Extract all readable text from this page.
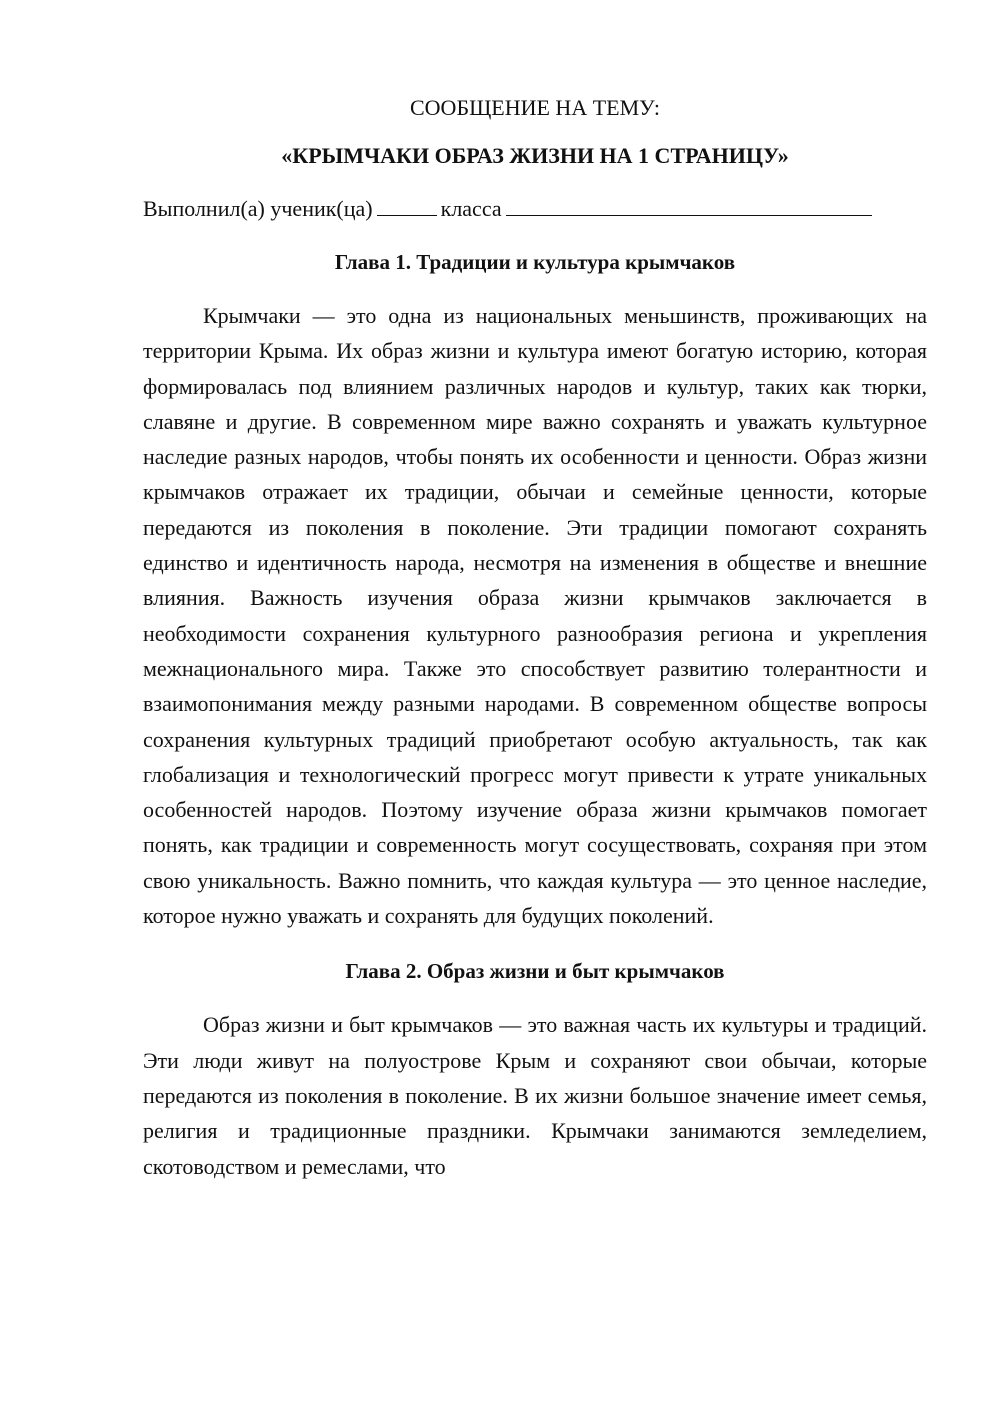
СООБЩЕНИЕ НА ТЕМУ:

«КРЫМЧАКИ ОБРАЗ ЖИЗНИ НА 1 СТРАНИЦУ»

Выполнил(а) ученик(ца)	класса

Глава 1. Традиции и культура крымчаков

Крымчаки — это одна из национальных меньшинств, проживающих на территории Крыма. Их образ жизни и культура имеют богатую историю, которая формировалась под влиянием различных народов и культур, таких как тюрки, славяне и другие. В современном мире важно сохранять и уважать культурное наследие разных народов, чтобы понять их особенности и ценности. Образ жизни крымчаков отражает их традиции, обычаи и семейные ценности, которые передаются из поколения в поколение. Эти традиции помогают сохранять единство и идентичность народа, несмотря на изменения в обществе и внешние влияния. Важность изучения образа жизни крымчаков заключается в необходимости сохранения культурного разнообразия региона и укрепления межнационального мира. Также это способствует развитию толерантности и взаимопонимания между разными народами. В современном обществе вопросы сохранения культурных традиций приобретают особую актуальность, так как глобализация и технологический прогресс могут привести к утрате уникальных особенностей народов. Поэтому изучение образа жизни крымчаков помогает понять, как традиции и современность могут сосуществовать, сохраняя при этом свою уникальность. Важно помнить, что каждая культура — это ценное наследие, которое нужно уважать и сохранять для будущих поколений.

Глава 2. Образ жизни и быт крымчаков

Образ жизни и быт крымчаков — это важная часть их культуры и традиций. Эти люди живут на полуострове Крым и сохраняют свои обычаи, которые передаются из поколения в поколение. В их жизни большое значение имеет семья, религия и традиционные праздники. Крымчаки занимаются земледелием, скотоводством и ремеслами, что
